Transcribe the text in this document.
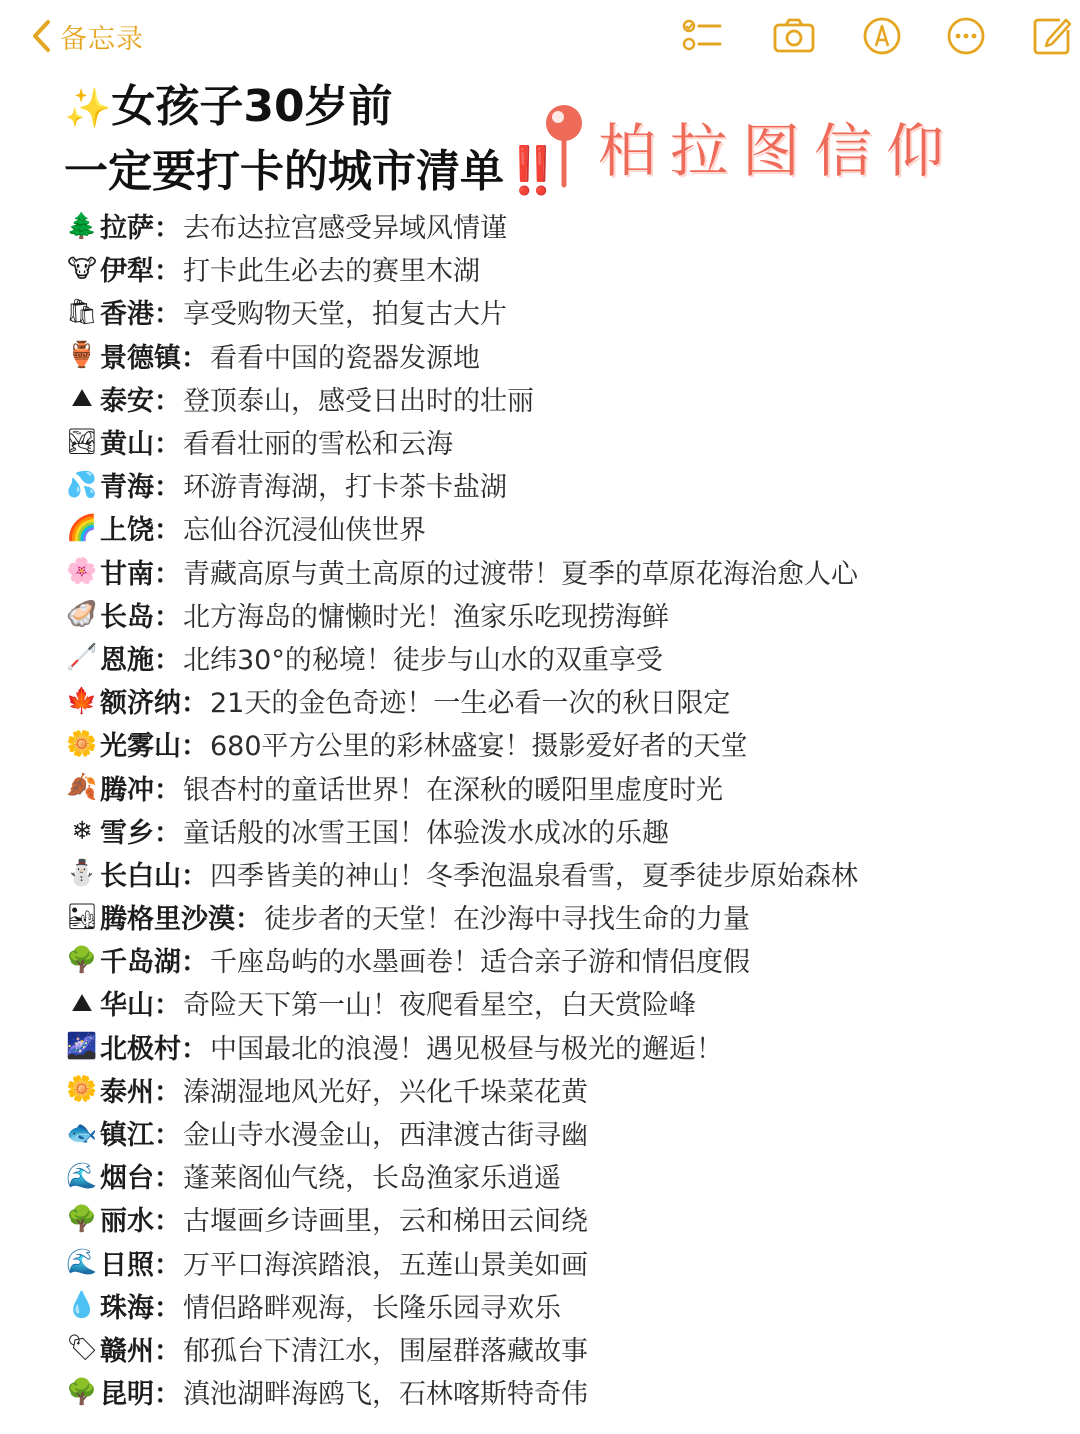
备忘录
✨女孩子30岁前
一定要打卡的城市清单‼️ 柏拉图信仰
🌲 拉萨 ： 去布达拉宫感受异域风情谨
🐮 伊犁 ： 打卡此生必去的赛里木湖
🛍 香港 ： 享受购物天堂，拍复古大片
🏺 景德镇 ： 看看中国的瓷器发源地
⛰ 泰安 ： 登顶泰山，感受日出时的壮丽
🏞 黄山 ： 看看壮丽的雪松和云海
💦 青海 ： 环游青海湖，打卡茶卡盐湖
🌈 上饶 ： 忘仙谷沉浸仙侠世界
🌸 甘南 ： 青藏高原与黄土高原的过渡带！夏季的草原花海治愈人心
🦪 长岛 ： 北方海岛的慵懒时光！渔家乐吃现捞海鲜
🦯 恩施 ： 北纬30°的秘境！徒步与山水的双重享受
🍁 额济纳 ： 21天的金色奇迹！一生必看一次的秋日限定
🌼 光雾山 ： 680平方公里的彩林盛宴！摄影爱好者的天堂
🍂 腾冲 ： 银杏村的童话世界！在深秋的暖阳里虚度时光
❄ 雪乡 ： 童话般的冰雪王国！体验泼水成冰的乐趣
⛄ 长白山 ： 四季皆美的神山！冬季泡温泉看雪，夏季徒步原始森林
🏜 腾格里沙漠 ： 徒步者的天堂！在沙海中寻找生命的力量
🌳 千岛湖 ： 千座岛屿的水墨画卷！适合亲子游和情侣度假
⛰ 华山 ： 奇险天下第一山！夜爬看星空，白天赏险峰
🌌 北极村 ： 中国最北的浪漫！遇见极昼与极光的邂逅！
🌼 泰州 ： 溱湖湿地风光好，兴化千垛菜花黄
🐟 镇江 ： 金山寺水漫金山，西津渡古街寻幽
🌊 烟台 ： 蓬莱阁仙气绕，长岛渔家乐逍遥
🌳 丽水 ： 古堰画乡诗画里，云和梯田云间绕
🌊 日照 ： 万平口海滨踏浪，五莲山景美如画
💧 珠海 ： 情侣路畔观海，长隆乐园寻欢乐
🏷 赣州 ： 郁孤台下清江水，围屋群落藏故事
🌳 昆明 ： 滇池湖畔海鸥飞，石林喀斯特奇伟
